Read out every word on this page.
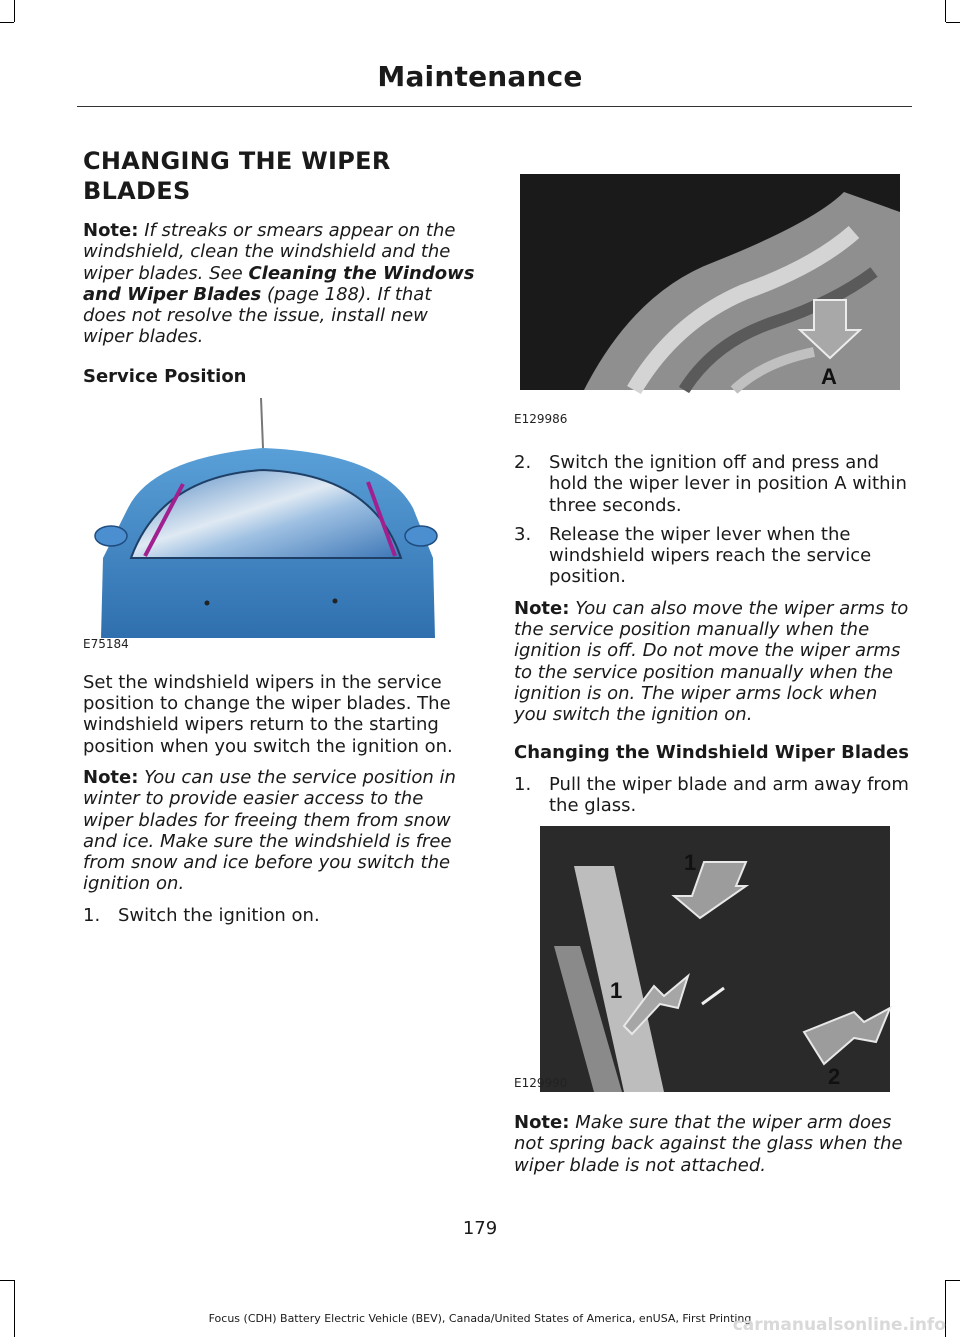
Maintenance
CHANGING THE WIPER BLADES

Note: If streaks or smears appear on the windshield, clean the windshield and the wiper blades. See Cleaning the Windows and Wiper Blades (page 188). If that does not resolve the issue, install new wiper blades.

Service Position
E75184

Set the windshield wipers in the service position to change the wiper blades. The windshield wipers return to the starting position when you switch the ignition on.

Note: You can use the service position in winter to provide easier access to the wiper blades for freeing them from snow and ice. Make sure the windshield is free from snow and ice before you switch the ignition on.

1. Switch the ignition on.
A
E129986
2. Switch the ignition off and press and hold the wiper lever in position A within three seconds.
3. Release the wiper lever when the windshield wipers reach the service position.

Note: You can also move the wiper arms to the service position manually when the ignition is off. Do not move the wiper arms to the service position manually when the ignition is on. The wiper arms lock when you switch the ignition on.

Changing the Windshield Wiper Blades
1. Pull the wiper blade and arm away from the glass.
1
1
2
E129990

Note: Make sure that the wiper arm does not spring back against the glass when the wiper blade is not attached.

179
Focus (CDH) Battery Electric Vehicle (BEV), Canada/United States of America, enUSA, First Printing
carmanualsonline.info
